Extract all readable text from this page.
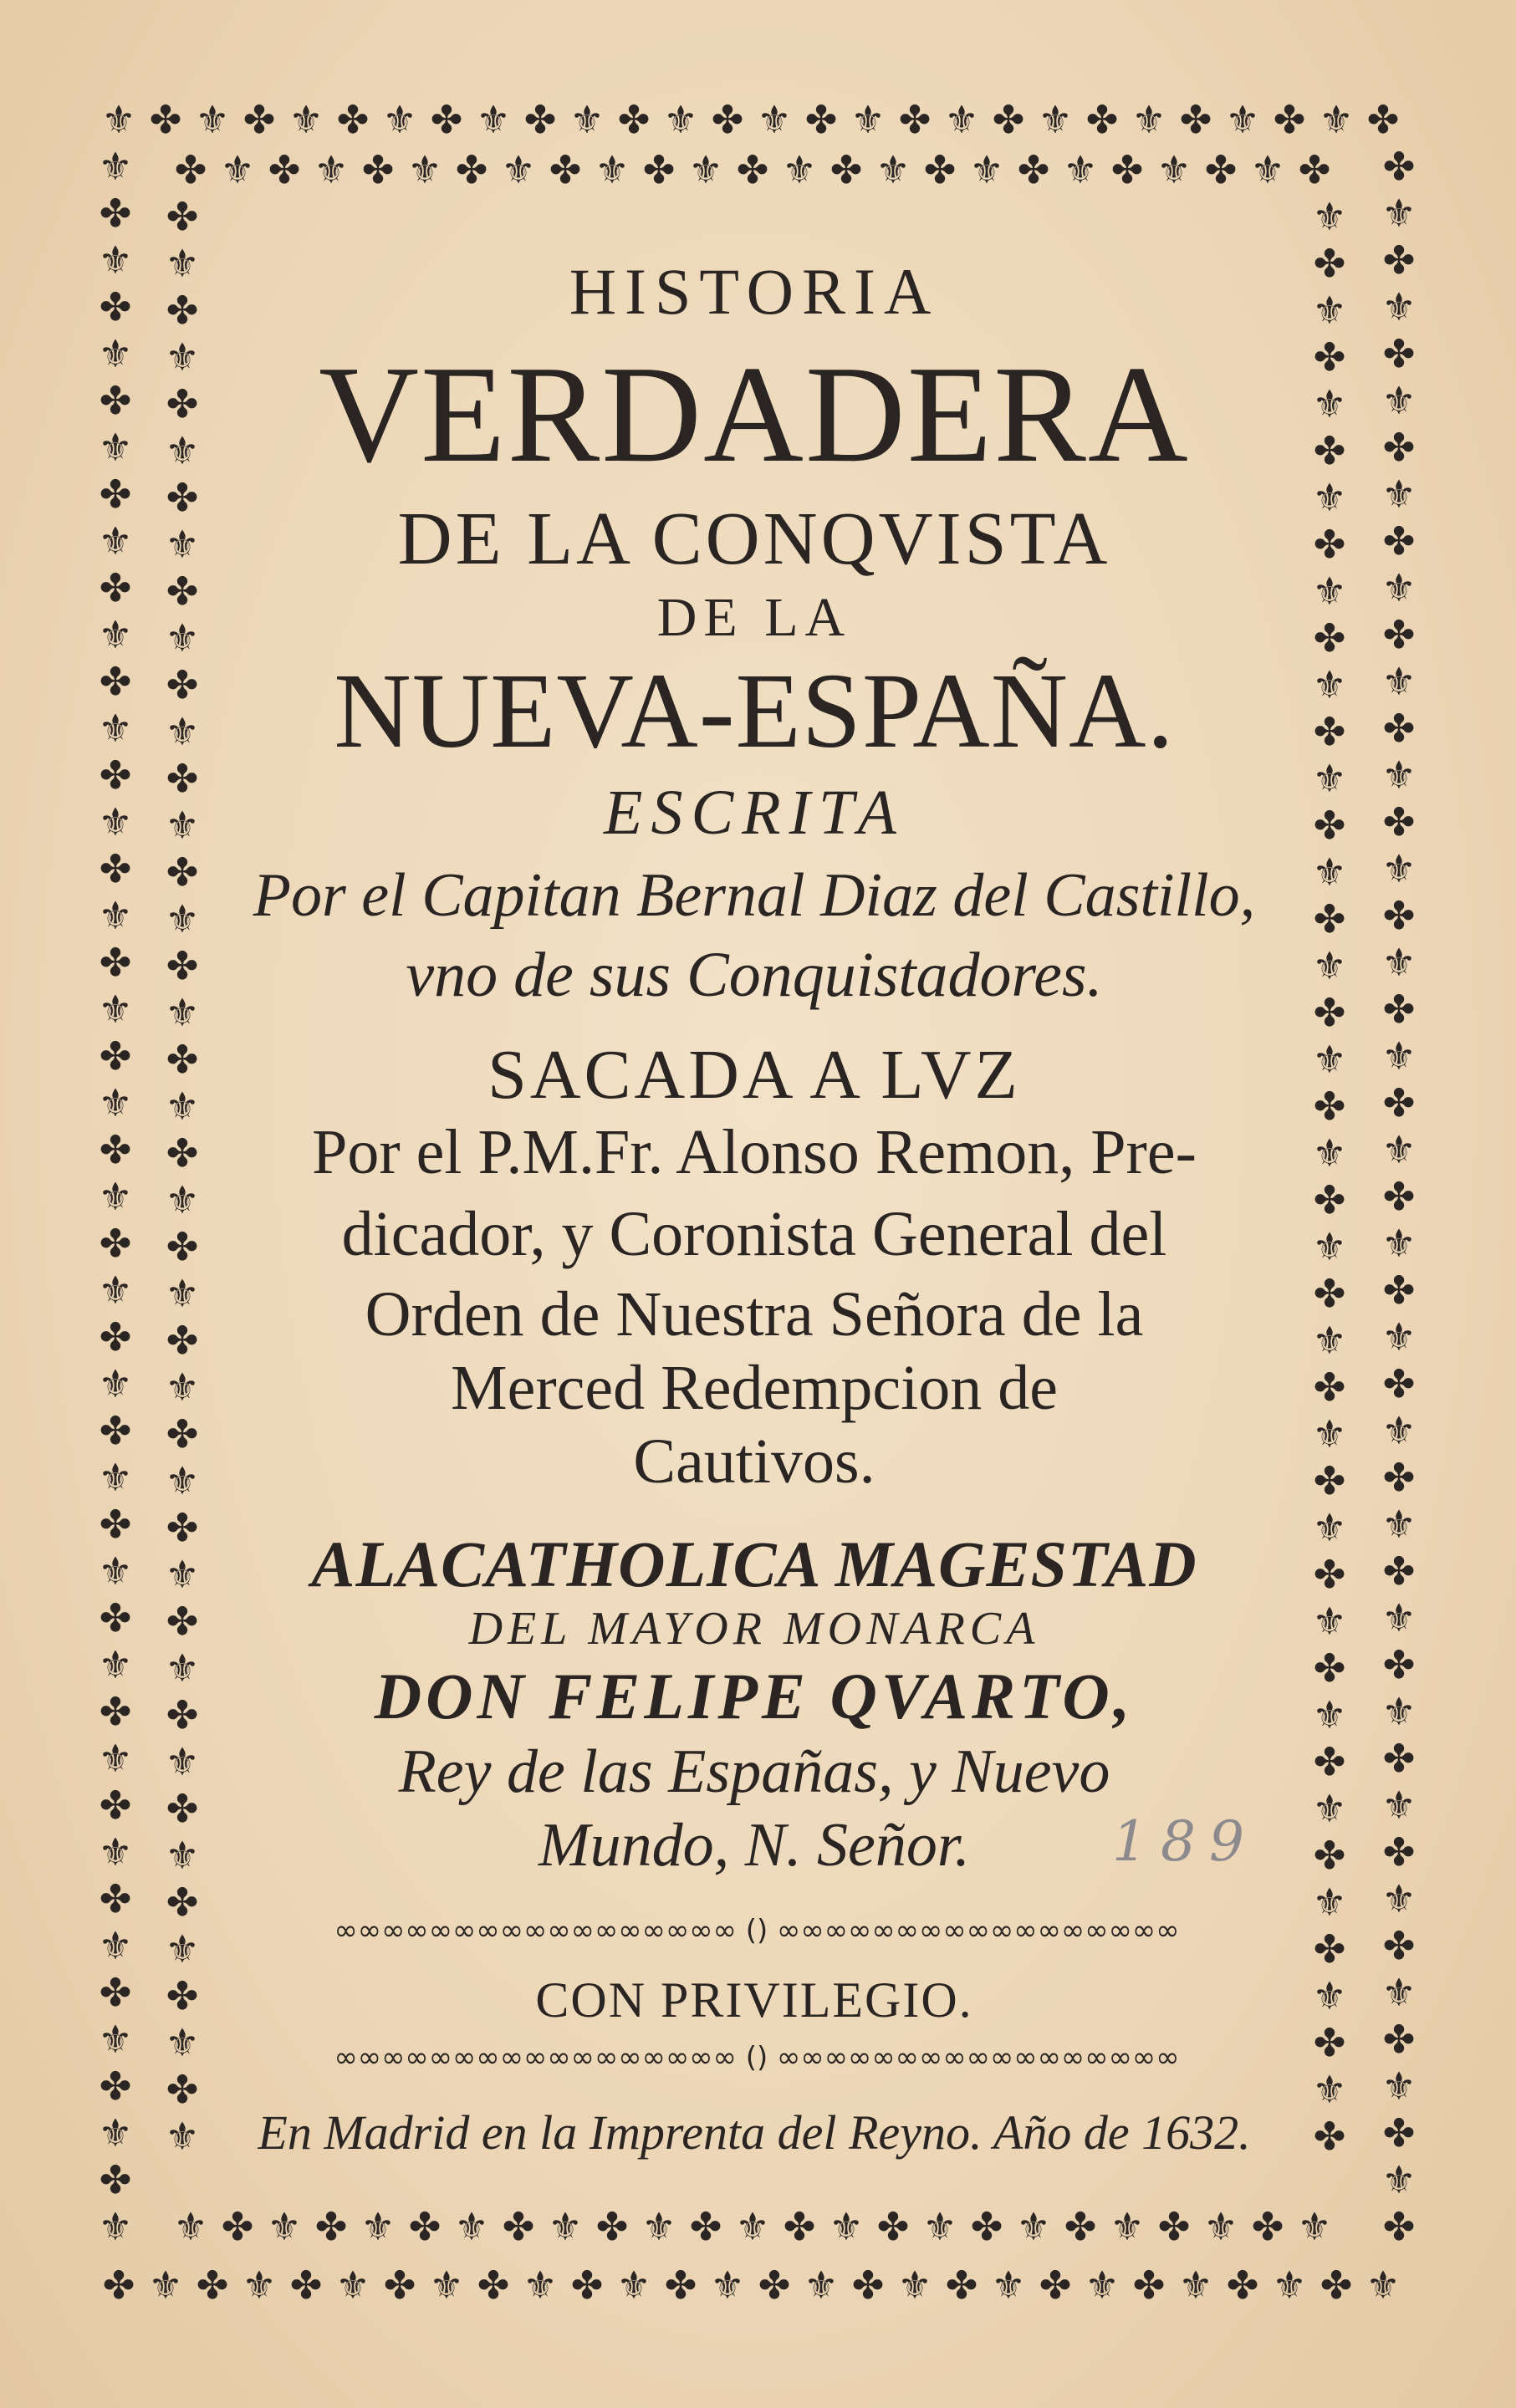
⚜ ✤ ⚜ ✤ ⚜ ✤ ⚜ ✤ ⚜ ✤ ⚜ ✤ ⚜ ✤ ⚜ ✤ ⚜ ✤ ⚜ ✤ ⚜ ✤ ⚜ ✤ ⚜ ✤ ⚜ ✤
✤ ⚜ ✤ ⚜ ✤ ⚜ ✤ ⚜ ✤ ⚜ ✤ ⚜ ✤ ⚜ ✤ ⚜ ✤ ⚜ ✤ ⚜ ✤ ⚜ ✤ ⚜ ✤
⚜ ✤ ⚜ ✤ ⚜ ✤ ⚜ ✤ ⚜ ✤ ⚜ ✤ ⚜ ✤ ⚜ ✤ ⚜ ✤ ⚜ ✤ ⚜ ✤ ⚜ ✤ ⚜
✤ ⚜ ✤ ⚜ ✤ ⚜ ✤ ⚜ ✤ ⚜ ✤ ⚜ ✤ ⚜ ✤ ⚜ ✤ ⚜ ✤ ⚜ ✤ ⚜ ✤ ⚜ ✤ ⚜ ✤ ⚜
⚜
✤
⚜
✤
⚜
✤
⚜
✤
⚜
✤
⚜
✤
⚜
✤
⚜
✤
⚜
✤
⚜
✤
⚜
✤
⚜
✤
⚜
✤
⚜
✤
⚜
✤
⚜
✤
⚜
✤
⚜
✤
⚜
✤
⚜
✤
⚜
✤
⚜
✤
⚜
✤
⚜
✤
⚜
✤
⚜
✤
⚜
✤
⚜
✤
⚜
✤
⚜
✤
⚜
✤
⚜
✤
⚜
✤
⚜
✤
⚜
✤
⚜
✤
⚜
✤
⚜
✤
⚜
✤
⚜
✤
⚜
✤
⚜
✤
⚜
✤
⚜
⚜
✤
⚜
✤
⚜
✤
⚜
✤
⚜
✤
⚜
✤
⚜
✤
⚜
✤
⚜
✤
⚜
✤
⚜
✤
⚜
✤
⚜
✤
⚜
✤
⚜
✤
⚜
✤
⚜
✤
⚜
✤
⚜
✤
⚜
✤
⚜
✤
✤
⚜
✤
⚜
✤
⚜
✤
⚜
✤
⚜
✤
⚜
✤
⚜
✤
⚜
✤
⚜
✤
⚜
✤
⚜
✤
⚜
✤
⚜
✤
⚜
✤
⚜
✤
⚜
✤
⚜
✤
⚜
✤
⚜
✤
⚜
✤
⚜
✤
⚜
✤
HISTORIA
VERDADERA
DE LA CONQVISTA
DE LA
NUEVA-ESPAÑA.
ESCRITA
Por el Capitan Bernal Diaz del Castillo,
vno de sus Conquistadores.
SACADA A LVZ
Por el P.M.Fr. Alonso Remon, Pre-
dicador, y Coronista General del
Orden de Nuestra Señora de la
Merced Redempcion de
Cautivos.
ALACATHOLICA MAGESTAD
DEL MAYOR MONARCA
DON FELIPE QVARTO,
Rey de las Españas, y Nuevo
Mundo, N. Señor.	189
∞∞∞∞∞∞∞∞∞∞∞∞∞∞∞∞∞ () ∞∞∞∞∞∞∞∞∞∞∞∞∞∞∞∞∞
CON PRIVILEGIO.
∞∞∞∞∞∞∞∞∞∞∞∞∞∞∞∞∞ () ∞∞∞∞∞∞∞∞∞∞∞∞∞∞∞∞∞
En Madrid en la Imprenta del Reyno. Año de 1632.
